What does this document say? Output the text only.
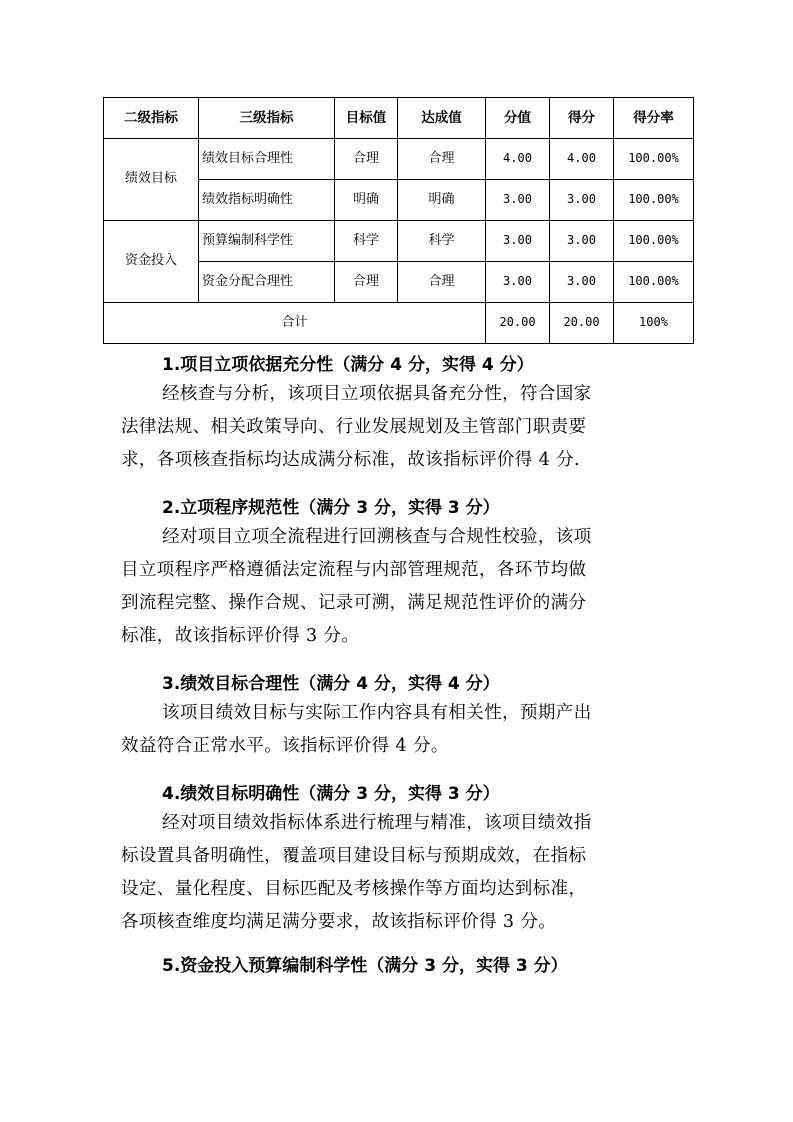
二级指标	三级指标	目标值	达成值	分值	得分	得分率
绩效目标	绩效目标合理性	合理	合理	4.00	4.00	100.00%
	绩效指标明确性	明确	明确	3.00	3.00	100.00%
资金投入	预算编制科学性	科学	科学	3.00	3.00	100.00%
	资金分配合理性	合理	合理	3.00	3.00	100.00%
合计				20.00	20.00	100%
1.项目立项依据充分性（满分 4 分，实得 4 分）
经核查与分析，该项目立项依据具备充分性，符合国家
法律法规、相关政策导向、行业发展规划及主管部门职责要
求，各项核查指标均达成满分标准，故该指标评价得 4 分.
2.立项程序规范性（满分 3 分，实得 3 分）
经对项目立项全流程进行回溯核查与合规性校验，该项
目立项程序严格遵循法定流程与内部管理规范，各环节均做
到流程完整、操作合规、记录可溯，满足规范性评价的满分
标准，故该指标评价得 3 分。
3.绩效目标合理性（满分 4 分，实得 4 分）
该项目绩效目标与实际工作内容具有相关性，预期产出
效益符合正常水平。该指标评价得 4 分。
4.绩效目标明确性（满分 3 分，实得 3 分）
经对项目绩效指标体系进行梳理与精准，该项目绩效指
标设置具备明确性，覆盖项目建设目标与预期成效，在指标
设定、量化程度、目标匹配及考核操作等方面均达到标准，
各项核查维度均满足满分要求，故该指标评价得 3 分。
5.资金投入预算编制科学性（满分 3 分，实得 3 分）
